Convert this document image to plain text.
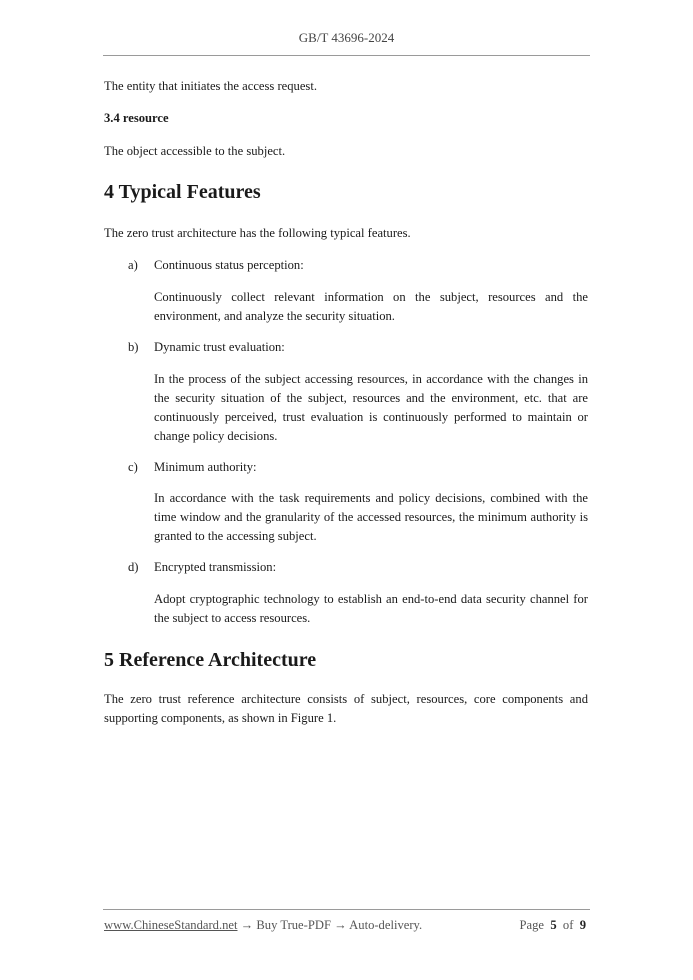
GB/T 43696-2024
The entity that initiates the access request.
3.4 resource
The object accessible to the subject.
4 Typical Features
The zero trust architecture has the following typical features.
a) Continuous status perception:
Continuously collect relevant information on the subject, resources and the environment, and analyze the security situation.
b) Dynamic trust evaluation:
In the process of the subject accessing resources, in accordance with the changes in the security situation of the subject, resources and the environment, etc. that are continuously perceived, trust evaluation is continuously performed to maintain or change policy decisions.
c) Minimum authority:
In accordance with the task requirements and policy decisions, combined with the time window and the granularity of the accessed resources, the minimum authority is granted to the accessing subject.
d) Encrypted transmission:
Adopt cryptographic technology to establish an end-to-end data security channel for the subject to access resources.
5 Reference Architecture
The zero trust reference architecture consists of subject, resources, core components and supporting components, as shown in Figure 1.
www.ChineseStandard.net → Buy True-PDF → Auto-delivery.	Page 5 of 9
